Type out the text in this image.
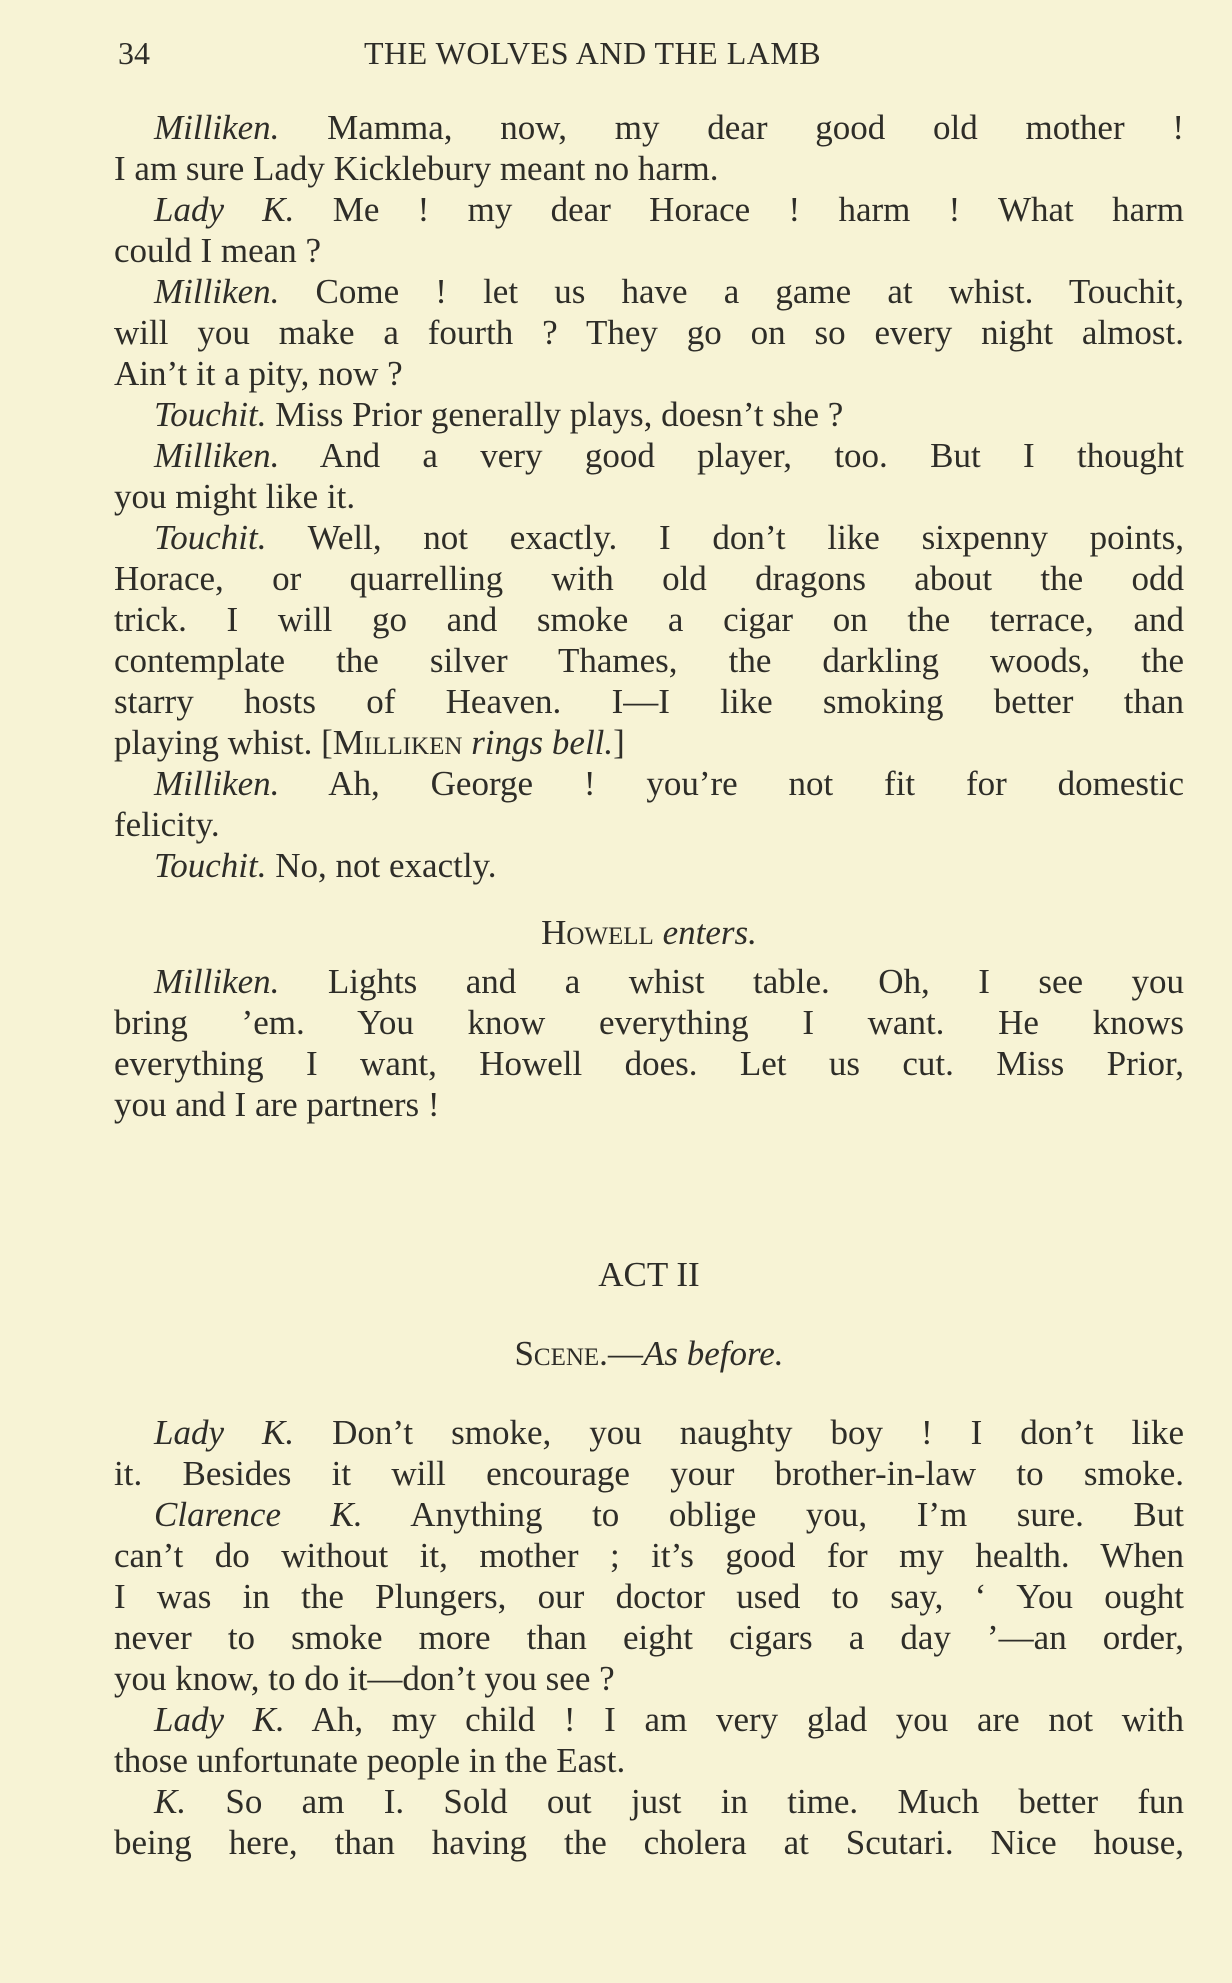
34	THE WOLVES AND THE LAMB
Milliken. Mamma, now, my dear good old mother !
I am sure Lady Kicklebury meant no harm.
Lady K. Me ! my dear Horace ! harm ! What harm
could I mean ?
Milliken. Come ! let us have a game at whist. Touchit,
will you make a fourth ? They go on so every night almost.
Ain’t it a pity, now ?
Touchit. Miss Prior generally plays, doesn’t she ?
Milliken. And a very good player, too. But I thought
you might like it.
Touchit. Well, not exactly. I don’t like sixpenny points,
Horace, or quarrelling with old dragons about the odd
trick. I will go and smoke a cigar on the terrace, and
contemplate the silver Thames, the darkling woods, the
starry hosts of Heaven. I—I like smoking better than
playing whist. [Milliken rings bell.]
Milliken. Ah, George ! you’re not fit for domestic
felicity.
Touchit. No, not exactly.
Howell enters.
Milliken. Lights and a whist table. Oh, I see you
bring ’em. You know everything I want. He knows
everything I want, Howell does. Let us cut. Miss Prior,
you and I are partners !
ACT II
Scene.—As before.
Lady K. Don’t smoke, you naughty boy ! I don’t like
it. Besides it will encourage your brother-in-law to smoke.
Clarence K. Anything to oblige you, I’m sure. But
can’t do without it, mother ; it’s good for my health. When
I was in the Plungers, our doctor used to say, ‘ You ought
never to smoke more than eight cigars a day ’—an order,
you know, to do it—don’t you see ?
Lady K. Ah, my child ! I am very glad you are not with
those unfortunate people in the East.
K. So am I. Sold out just in time. Much better fun
being here, than having the cholera at Scutari. Nice house,
